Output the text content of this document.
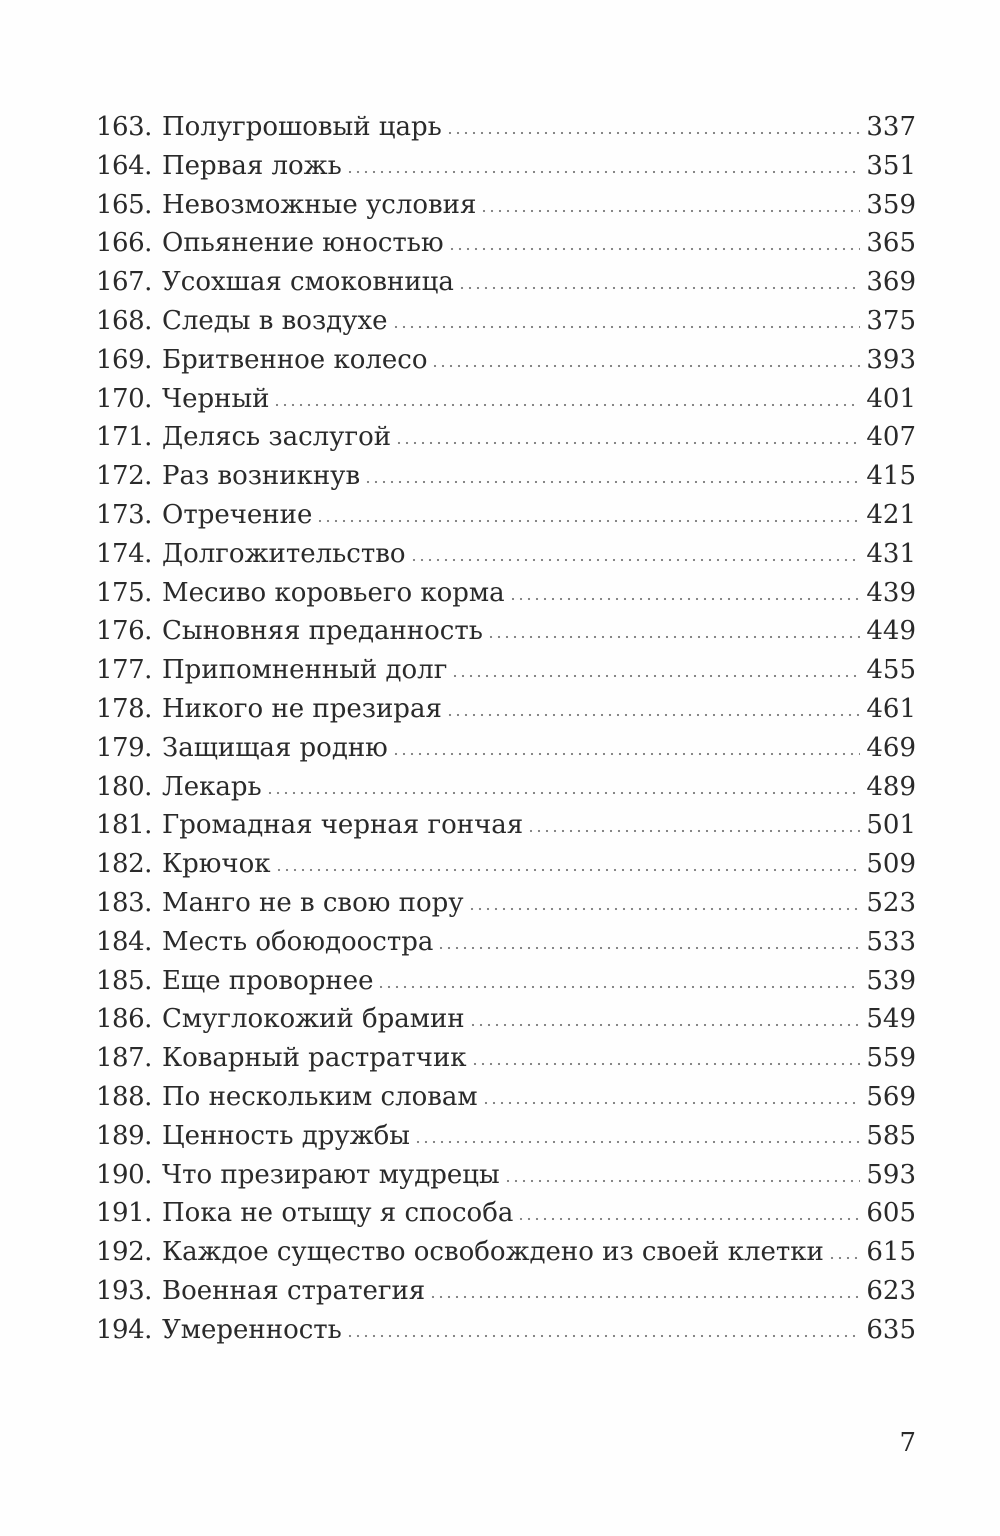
163. Полугрошовый царь	337
164. Первая ложь	351
165. Невозможные условия	359
166. Опьянение юностью	365
167. Усохшая смоковница	369
168. Следы в воздухе	375
169. Бритвенное колесо	393
170. Черный	401
171. Делясь заслугой	407
172. Раз возникнув	415
173. Отречение	421
174. Долгожительство	431
175. Месиво коровьего корма	439
176. Сыновняя преданность	449
177. Припомненный долг	455
178. Никого не презирая	461
179. Защищая родню	469
180. Лекарь	489
181. Громадная черная гончая	501
182. Крючок	509
183. Манго не в свою пору	523
184. Месть обоюдоостра	533
185. Еще проворнее	539
186. Смуглокожий брамин	549
187. Коварный растратчик	559
188. По нескольким словам	569
189. Ценность дружбы	585
190. Что презирают мудрецы	593
191. Пока не отыщу я способа	605
192. Каждое существо освобождено из своей клетки 615
193. Военная стратегия	623
194. Умеренность	635
7
